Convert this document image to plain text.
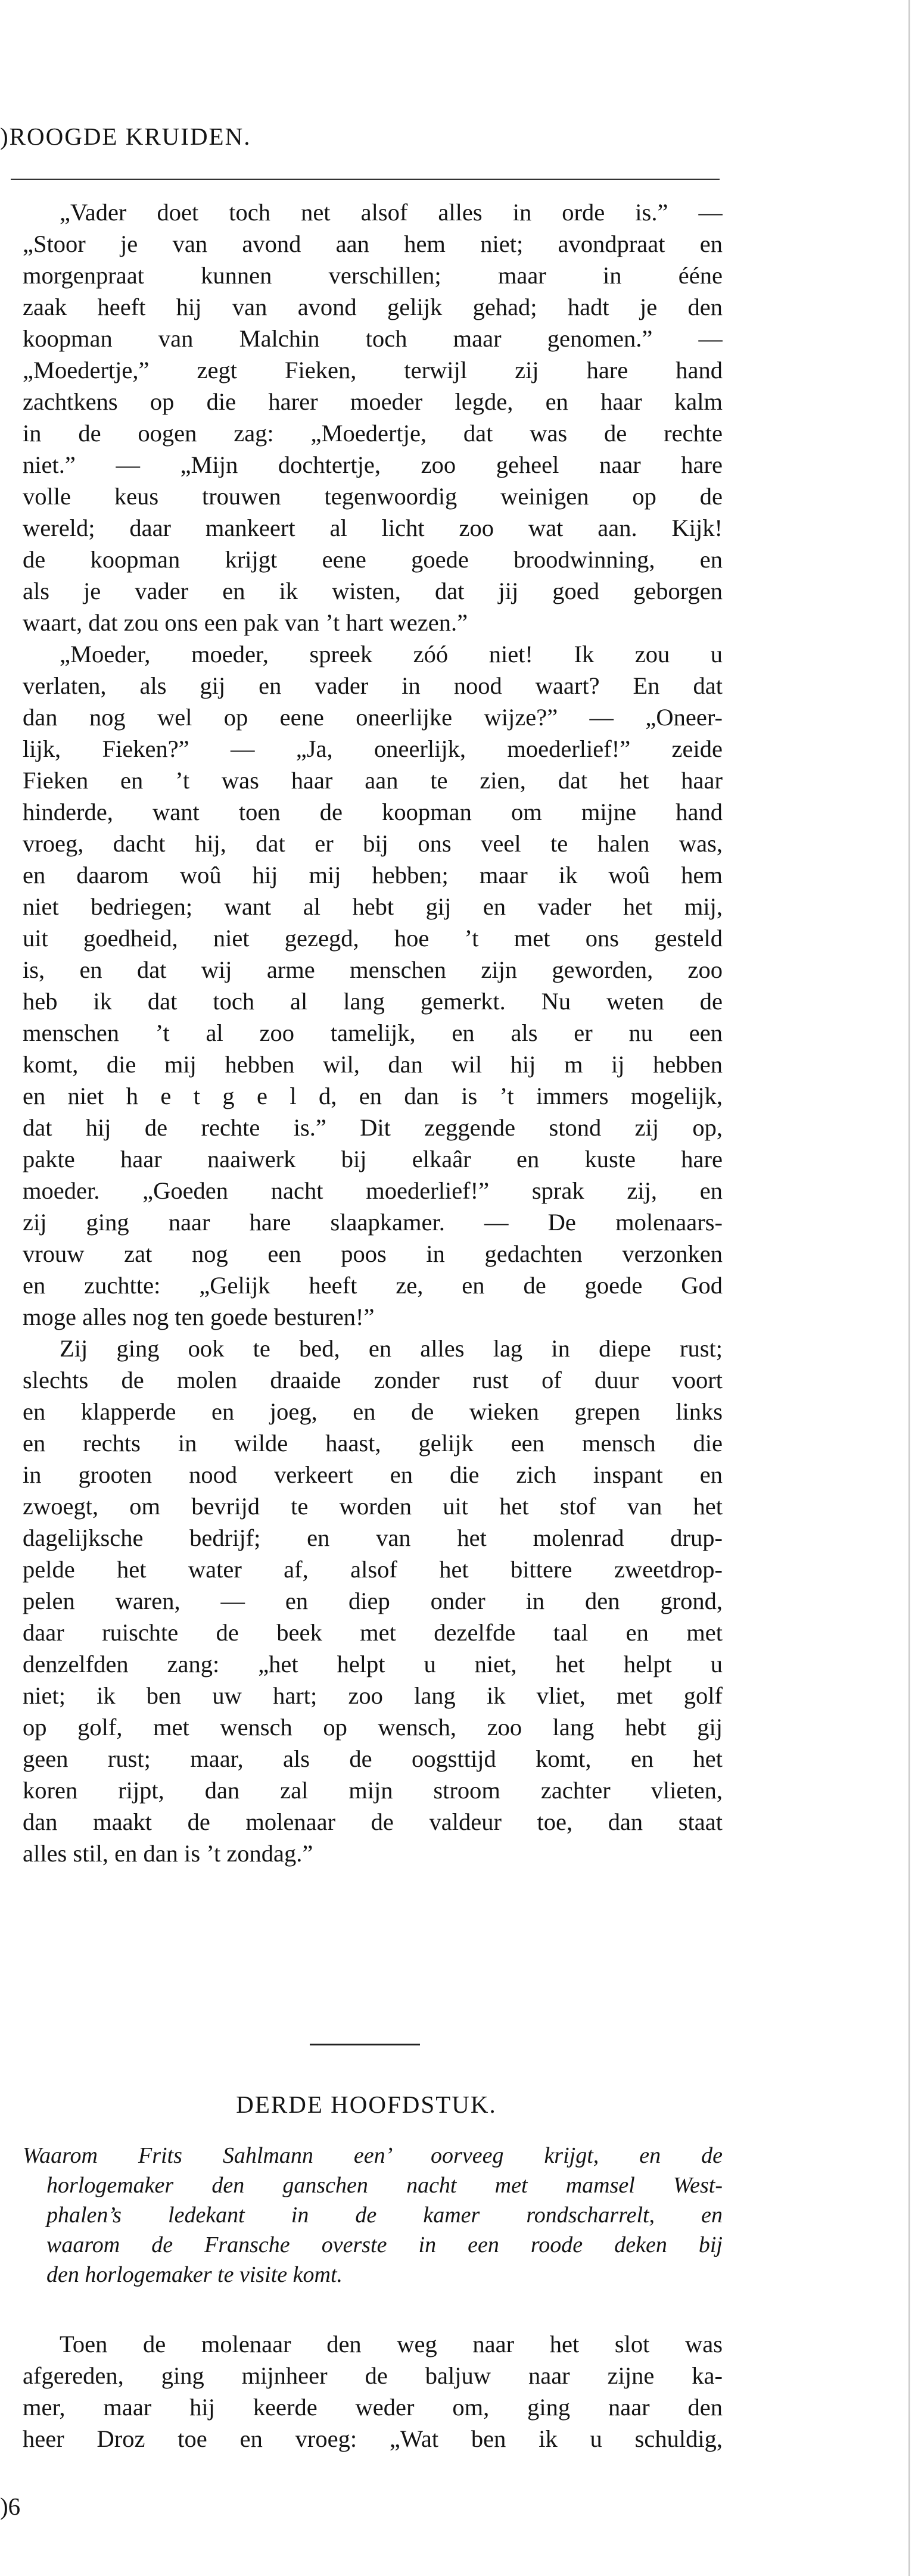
)ROOGDE KRUIDEN.
„Vader doet toch net alsof alles in orde is.” —
„Stoor je van avond aan hem niet; avondpraat en
morgenpraat kunnen verschillen; maar in ééne
zaak heeft hij van avond gelijk gehad; hadt je den
koopman van Malchin toch maar genomen.” —
„Moedertje,” zegt Fieken, terwijl zij hare hand
zachtkens op die harer moeder legde, en haar kalm
in de oogen zag: „Moedertje, dat was de rechte
niet.” — „Mijn dochtertje, zoo geheel naar hare
volle keus trouwen tegenwoordig weinigen op de
wereld; daar mankeert al licht zoo wat aan. Kijk!
de koopman krijgt eene goede broodwinning, en
als je vader en ik wisten, dat jij goed geborgen
waart, dat zou ons een pak van ’t hart wezen.”
„Moeder, moeder, spreek zóó niet! Ik zou u
verlaten, als gij en vader in nood waart? En dat
dan nog wel op eene oneerlijke wijze?” — „Oneer-
lijk, Fieken?” — „Ja, oneerlijk, moederlief!” zeide
Fieken en ’t was haar aan te zien, dat het haar
hinderde, want toen de koopman om mijne hand
vroeg, dacht hij, dat er bij ons veel te halen was,
en daarom woû hij mij hebben; maar ik woû hem
niet bedriegen; want al hebt gij en vader het mij,
uit goedheid, niet gezegd, hoe ’t met ons gesteld
is, en dat wij arme menschen zijn geworden, zoo
heb ik dat toch al lang gemerkt. Nu weten de
menschen ’t al zoo tamelijk, en als er nu een
komt, die mij hebben wil, dan wil hij m ij hebben
en niet h e t g e l d, en dan is ’t immers mogelijk,
dat hij de rechte is.” Dit zeggende stond zij op,
pakte haar naaiwerk bij elkaâr en kuste hare
moeder. „Goeden nacht moederlief!” sprak zij, en
zij ging naar hare slaapkamer. — De molenaars-
vrouw zat nog een poos in gedachten verzonken
en zuchtte: „Gelijk heeft ze, en de goede God
moge alles nog ten goede besturen!”
Zij ging ook te bed, en alles lag in diepe rust;
slechts de molen draaide zonder rust of duur voort
en klapperde en joeg, en de wieken grepen links
en rechts in wilde haast, gelijk een mensch die
in grooten nood verkeert en die zich inspant en
zwoegt, om bevrijd te worden uit het stof van het
dagelijksche bedrijf; en van het molenrad drup-
pelde het water af, alsof het bittere zweetdrop-
pelen waren, — en diep onder in den grond,
daar ruischte de beek met dezelfde taal en met
denzelfden zang: „het helpt u niet, het helpt u
niet; ik ben uw hart; zoo lang ik vliet, met golf
op golf, met wensch op wensch, zoo lang hebt gij
geen rust; maar, als de oogsttijd komt, en het
koren rijpt, dan zal mijn stroom zachter vlieten,
dan maakt de molenaar de valdeur toe, dan staat
alles stil, en dan is ’t zondag.”
DERDE HOOFDSTUK.
Waarom Frits Sahlmann een’ oorveeg krijgt, en de
horlogemaker den ganschen nacht met mamsel West-
phalen’s ledekant in de kamer rondscharrelt, en
waarom de Fransche overste in een roode deken bij
den horlogemaker te visite komt.
Toen de molenaar den weg naar het slot was
afgereden, ging mijnheer de baljuw naar zijne ka-
mer, maar hij keerde weder om, ging naar den
heer Droz toe en vroeg: „Wat ben ik u schuldig,
)6
